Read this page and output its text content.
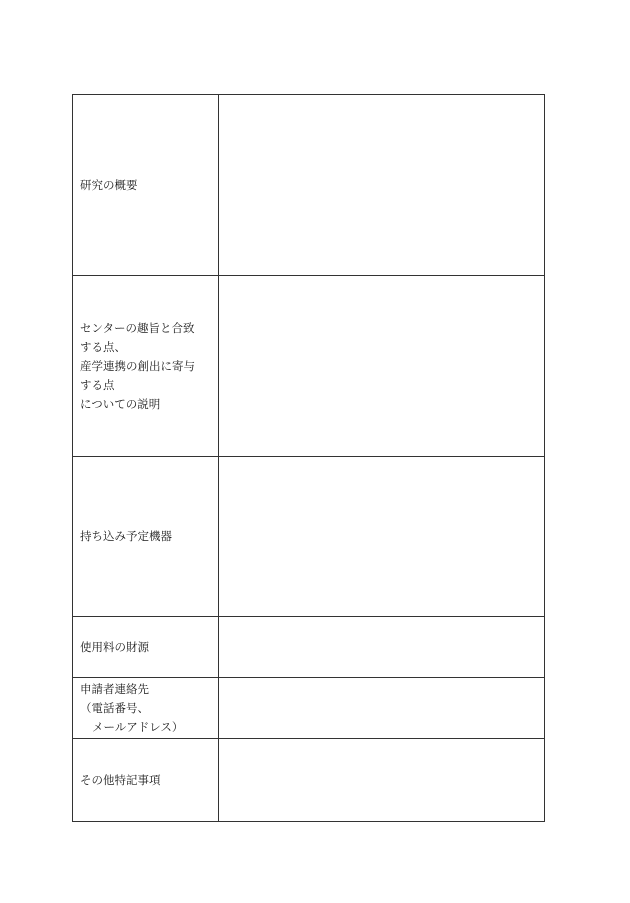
研究の概要	

センターの趣旨と合致
する点、
産学連携の創出に寄与
する点
についての説明	

持ち込み予定機器	

使用料の財源	

申請者連絡先
（電話番号、
メールアドレス）	

その他特記事項	
